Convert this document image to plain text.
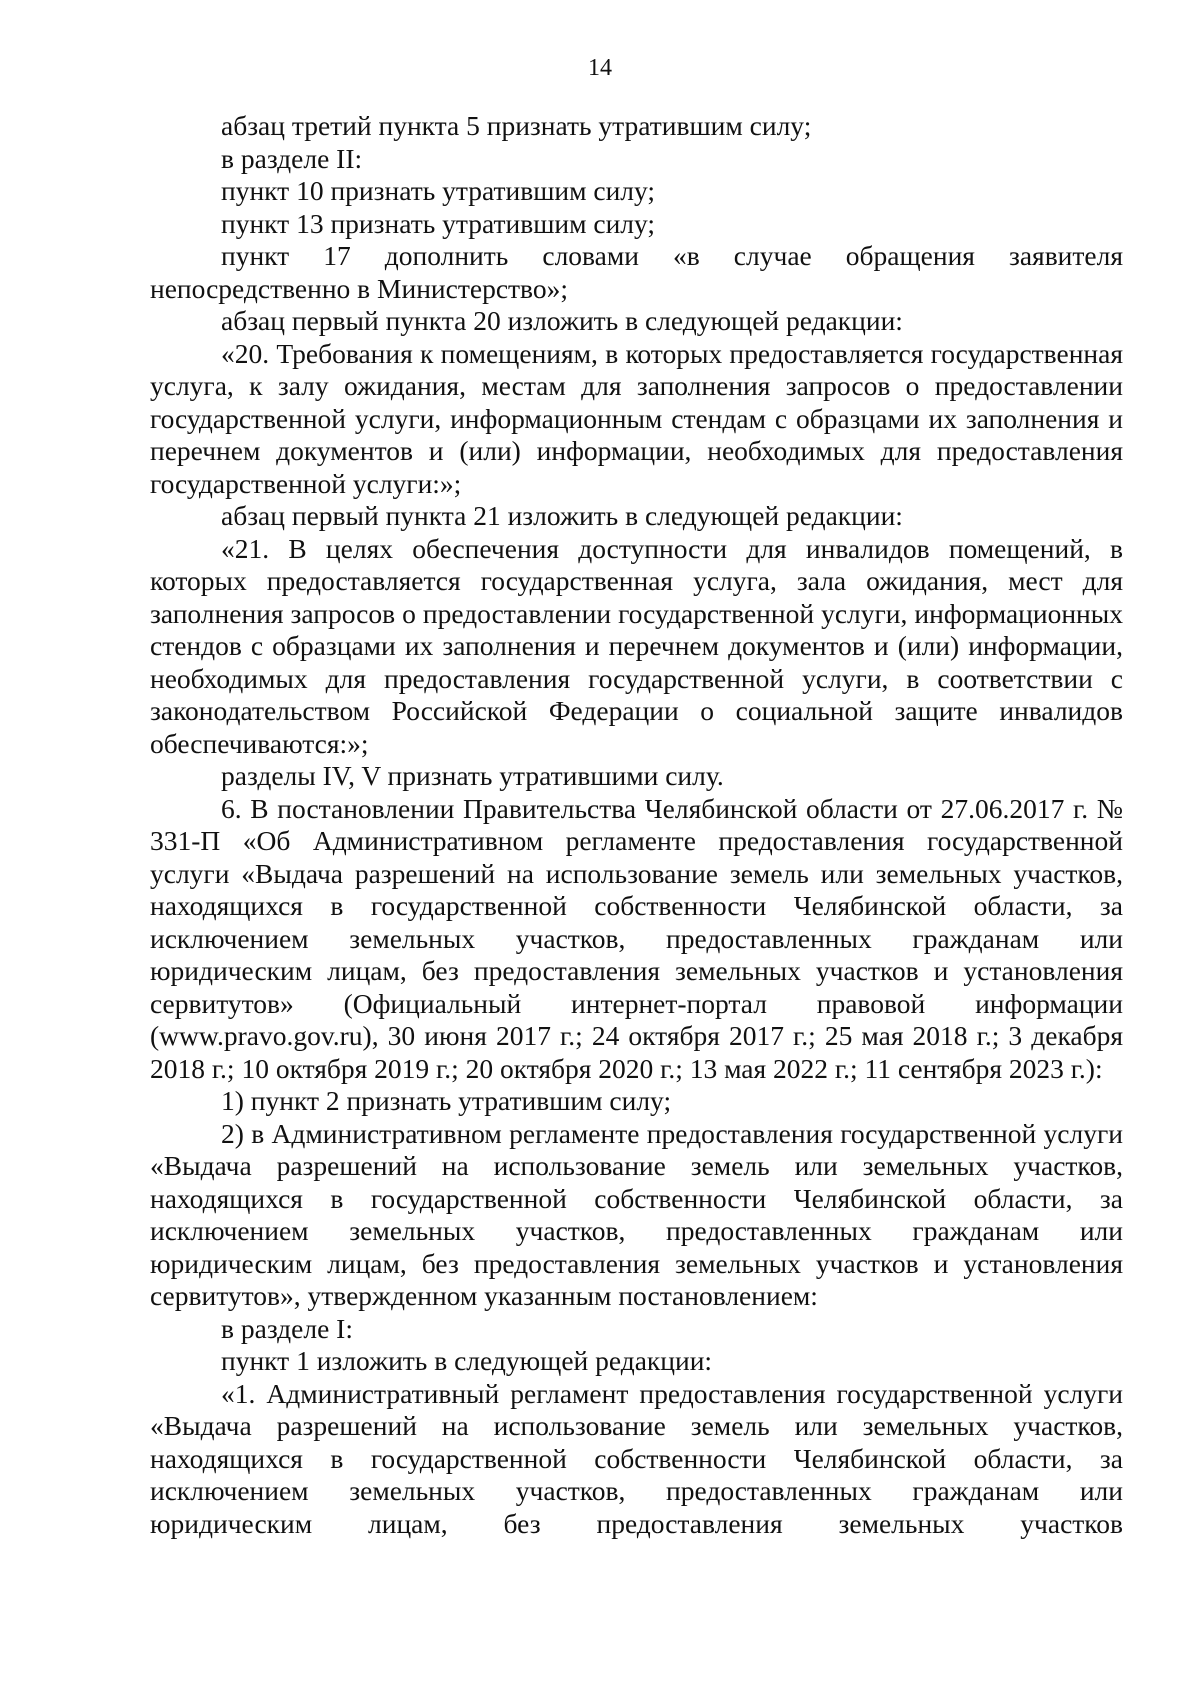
14

абзац третий пункта 5 признать утратившим силу;

в разделе II:

пункт 10 признать утратившим силу;

пункт 13 признать утратившим силу;

пункт 17 дополнить словами «в случае обращения заявителя непосредственно в Министерство»;

абзац первый пункта 20 изложить в следующей редакции:

«20. Требования к помещениям, в которых предоставляется государственная услуга, к залу ожидания, местам для заполнения запросов о предоставлении государственной услуги, информационным стендам с образцами их заполнения и перечнем документов и (или) информации, необходимых для предоставления государственной услуги:»;

абзац первый пункта 21 изложить в следующей редакции:

«21. В целях обеспечения доступности для инвалидов помещений, в которых предоставляется государственная услуга, зала ожидания, мест для заполнения запросов о предоставлении государственной услуги, информационных стендов с образцами их заполнения и перечнем документов и (или) информации, необходимых для предоставления государственной услуги, в соответствии с законодательством Российской Федерации о социальной защите инвалидов обеспечиваются:»;

разделы IV, V признать утратившими силу.

6. В постановлении Правительства Челябинской области от 27.06.2017 г. № 331-П «Об Административном регламенте предоставления государственной услуги «Выдача разрешений на использование земель или земельных участков, находящихся в государственной собственности Челябинской области, за исключением земельных участков, предоставленных гражданам или юридическим лицам, без предоставления земельных участков и установления сервитутов» (Официальный интернет-портал правовой информации (www.pravo.gov.ru), 30 июня 2017 г.; 24 октября 2017 г.; 25 мая 2018 г.; 3 декабря 2018 г.; 10 октября 2019 г.; 20 октября 2020 г.; 13 мая 2022 г.; 11 сентября 2023 г.):

1) пункт 2 признать утратившим силу;

2) в Административном регламенте предоставления государственной услуги «Выдача разрешений на использование земель или земельных участков, находящихся в государственной собственности Челябинской области, за исключением земельных участков, предоставленных гражданам или юридическим лицам, без предоставления земельных участков и установления сервитутов», утвержденном указанным постановлением:

в разделе I:

пункт 1 изложить в следующей редакции:

«1. Административный регламент предоставления государственной услуги «Выдача разрешений на использование земель или земельных участков, находящихся в государственной собственности Челябинской области, за исключением земельных участков, предоставленных гражданам или юридическим лицам, без предоставления земельных участков
